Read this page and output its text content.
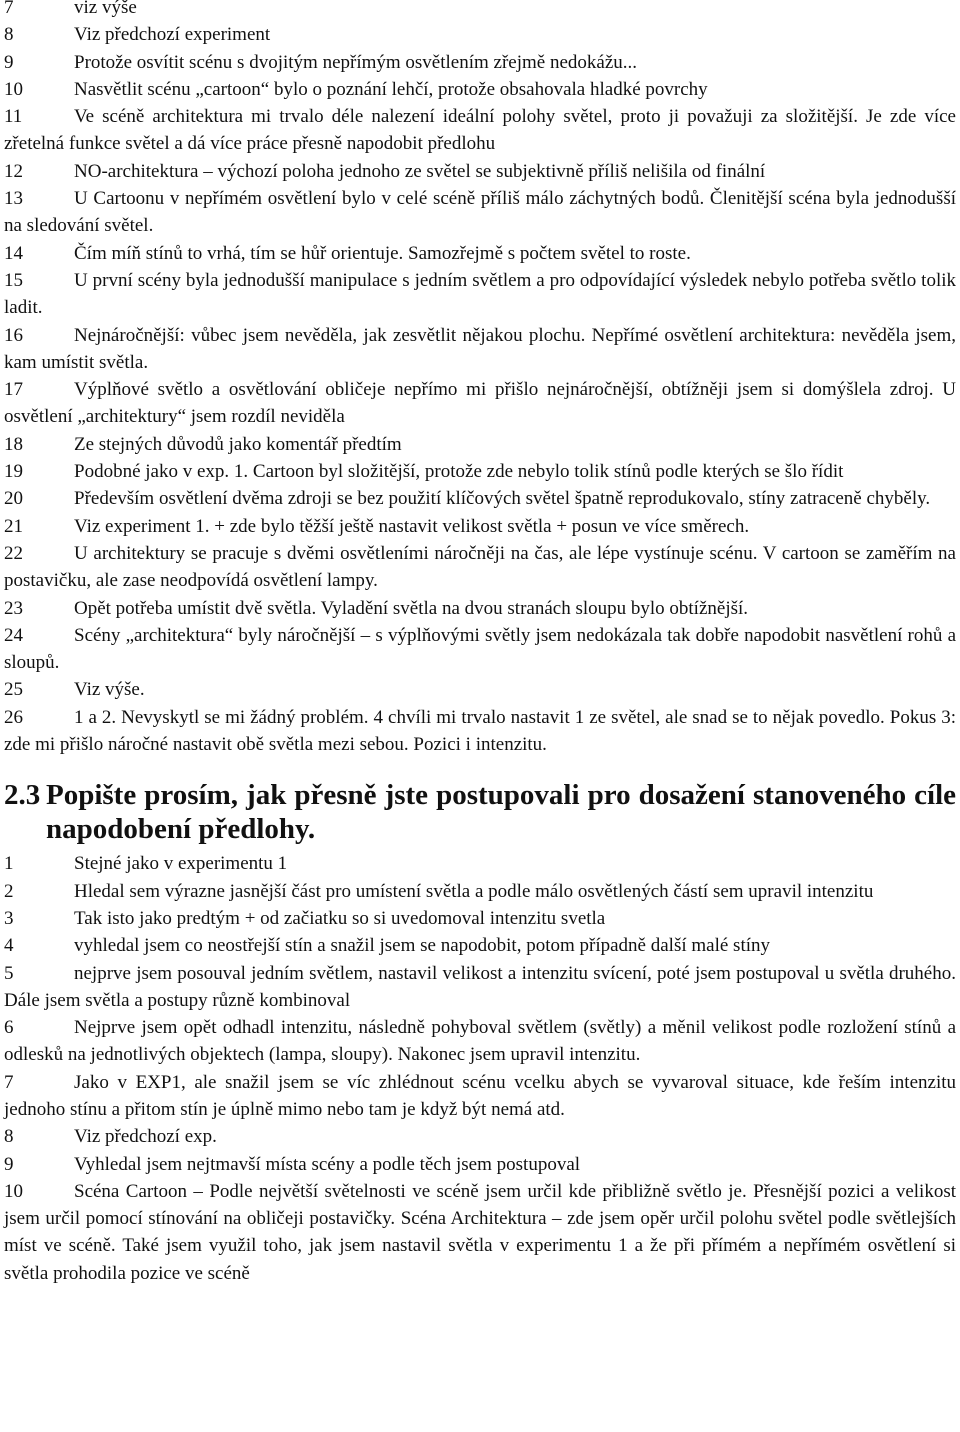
7	viz výše

8	Viz předchozí experiment

9	Protože osvítit scénu s dvojitým nepřímým osvětlením zřejmě nedokážu...

10	Nasvětlit scénu „cartoon“ bylo o poznání lehčí, protože obsahovala hladké povrchy

11	Ve scéně architektura mi trvalo déle nalezení ideální polohy světel, proto ji považuji za složitější. Je zde více zřetelná funkce světel a dá více práce přesně napodobit předlohu

12	NO-architektura – výchozí poloha jednoho ze světel se subjektivně příliš nelišila od finální

13	U Cartoonu v nepřímém osvětlení bylo v celé scéně příliš málo záchytných bodů. Členitější scéna byla jednodušší na sledování světel.

14	Čím míň stínů to vrhá, tím se hůř orientuje. Samozřejmě s počtem světel to roste.

15	U první scény byla jednodušší manipulace s jedním světlem a pro odpovídající výsledek nebylo potřeba světlo tolik ladit.

16	Nejnáročnější: vůbec jsem nevěděla, jak zesvětlit nějakou plochu. Nepřímé osvětlení architektura: nevěděla jsem, kam umístit světla.

17	Výplňové světlo a osvětlování obličeje nepřímo mi přišlo nejnáročnější, obtížněji jsem si domýšlela zdroj. U osvětlení „architektury“ jsem rozdíl neviděla

18	Ze stejných důvodů jako komentář předtím

19	Podobné jako v exp. 1. Cartoon byl složitější, protože zde nebylo tolik stínů podle kterých se šlo řídit

20	Především osvětlení dvěma zdroji se bez použití klíčových světel špatně reprodukovalo, stíny zatraceně chyběly.

21	Viz experiment 1. + zde bylo těžší ještě nastavit velikost světla + posun ve více směrech.

22	U architektury se pracuje s dvěmi osvětleními náročněji na čas, ale lépe vystínuje scénu. V cartoon se zaměřím na postavičku, ale zase neodpovídá osvětlení lampy.

23	Opět potřeba umístit dvě světla. Vyladění světla na dvou stranách sloupu bylo obtížnější.

24	Scény „architektura“ byly náročnější – s výplňovými světly jsem nedokázala tak dobře napodobit nasvětlení rohů a sloupů.

25	Viz výše.

26	1 a 2. Nevyskytl se mi žádný problém. 4 chvíli mi trvalo nastavit 1 ze světel, ale snad se to nějak povedlo. Pokus 3: zde mi přišlo náročné nastavit obě světla mezi sebou. Pozici i intenzitu.

2.3 Popište prosím, jak přesně jste postupovali pro dosažení stanoveného cíle napodobení předlohy.

1	Stejné jako v experimentu 1

2	Hledal sem výrazne jasnější část pro umístení světla a podle málo osvětlených částí sem upravil intenzitu

3	Tak isto jako predtým + od začiatku so si uvedomoval intenzitu svetla

4	vyhledal jsem co neostřejší stín a snažil jsem se napodobit, potom případně další malé stíny

5	nejprve jsem posouval jedním světlem, nastavil velikost a intenzitu svícení, poté jsem postupoval u světla druhého. Dále jsem světla a postupy různě kombinoval

6	Nejprve jsem opět odhadl intenzitu, následně pohyboval světlem (světly) a měnil velikost podle rozložení stínů a odlesků na jednotlivých objektech (lampa, sloupy). Nakonec jsem upravil intenzitu.

7	Jako v EXP1, ale snažil jsem se víc zhlédnout scénu vcelku abych se vyvaroval situace, kde řeším intenzitu jednoho stínu a přitom stín je úplně mimo nebo tam je když být nemá atd.

8	Viz předchozí exp.

9	Vyhledal jsem nejtmavší místa scény a podle těch jsem postupoval

10	Scéna Cartoon – Podle největší světelnosti ve scéně jsem určil kde přibližně světlo je. Přesnější pozici a velikost jsem určil pomocí stínování na obličeji postavičky. Scéna Architektura – zde jsem opěr určil polohu světel podle světlejších míst ve scéně. Také jsem využil toho, jak jsem nastavil světla v experimentu 1 a že při přímém a nepřímém osvětlení si světla prohodila pozice ve scéně
